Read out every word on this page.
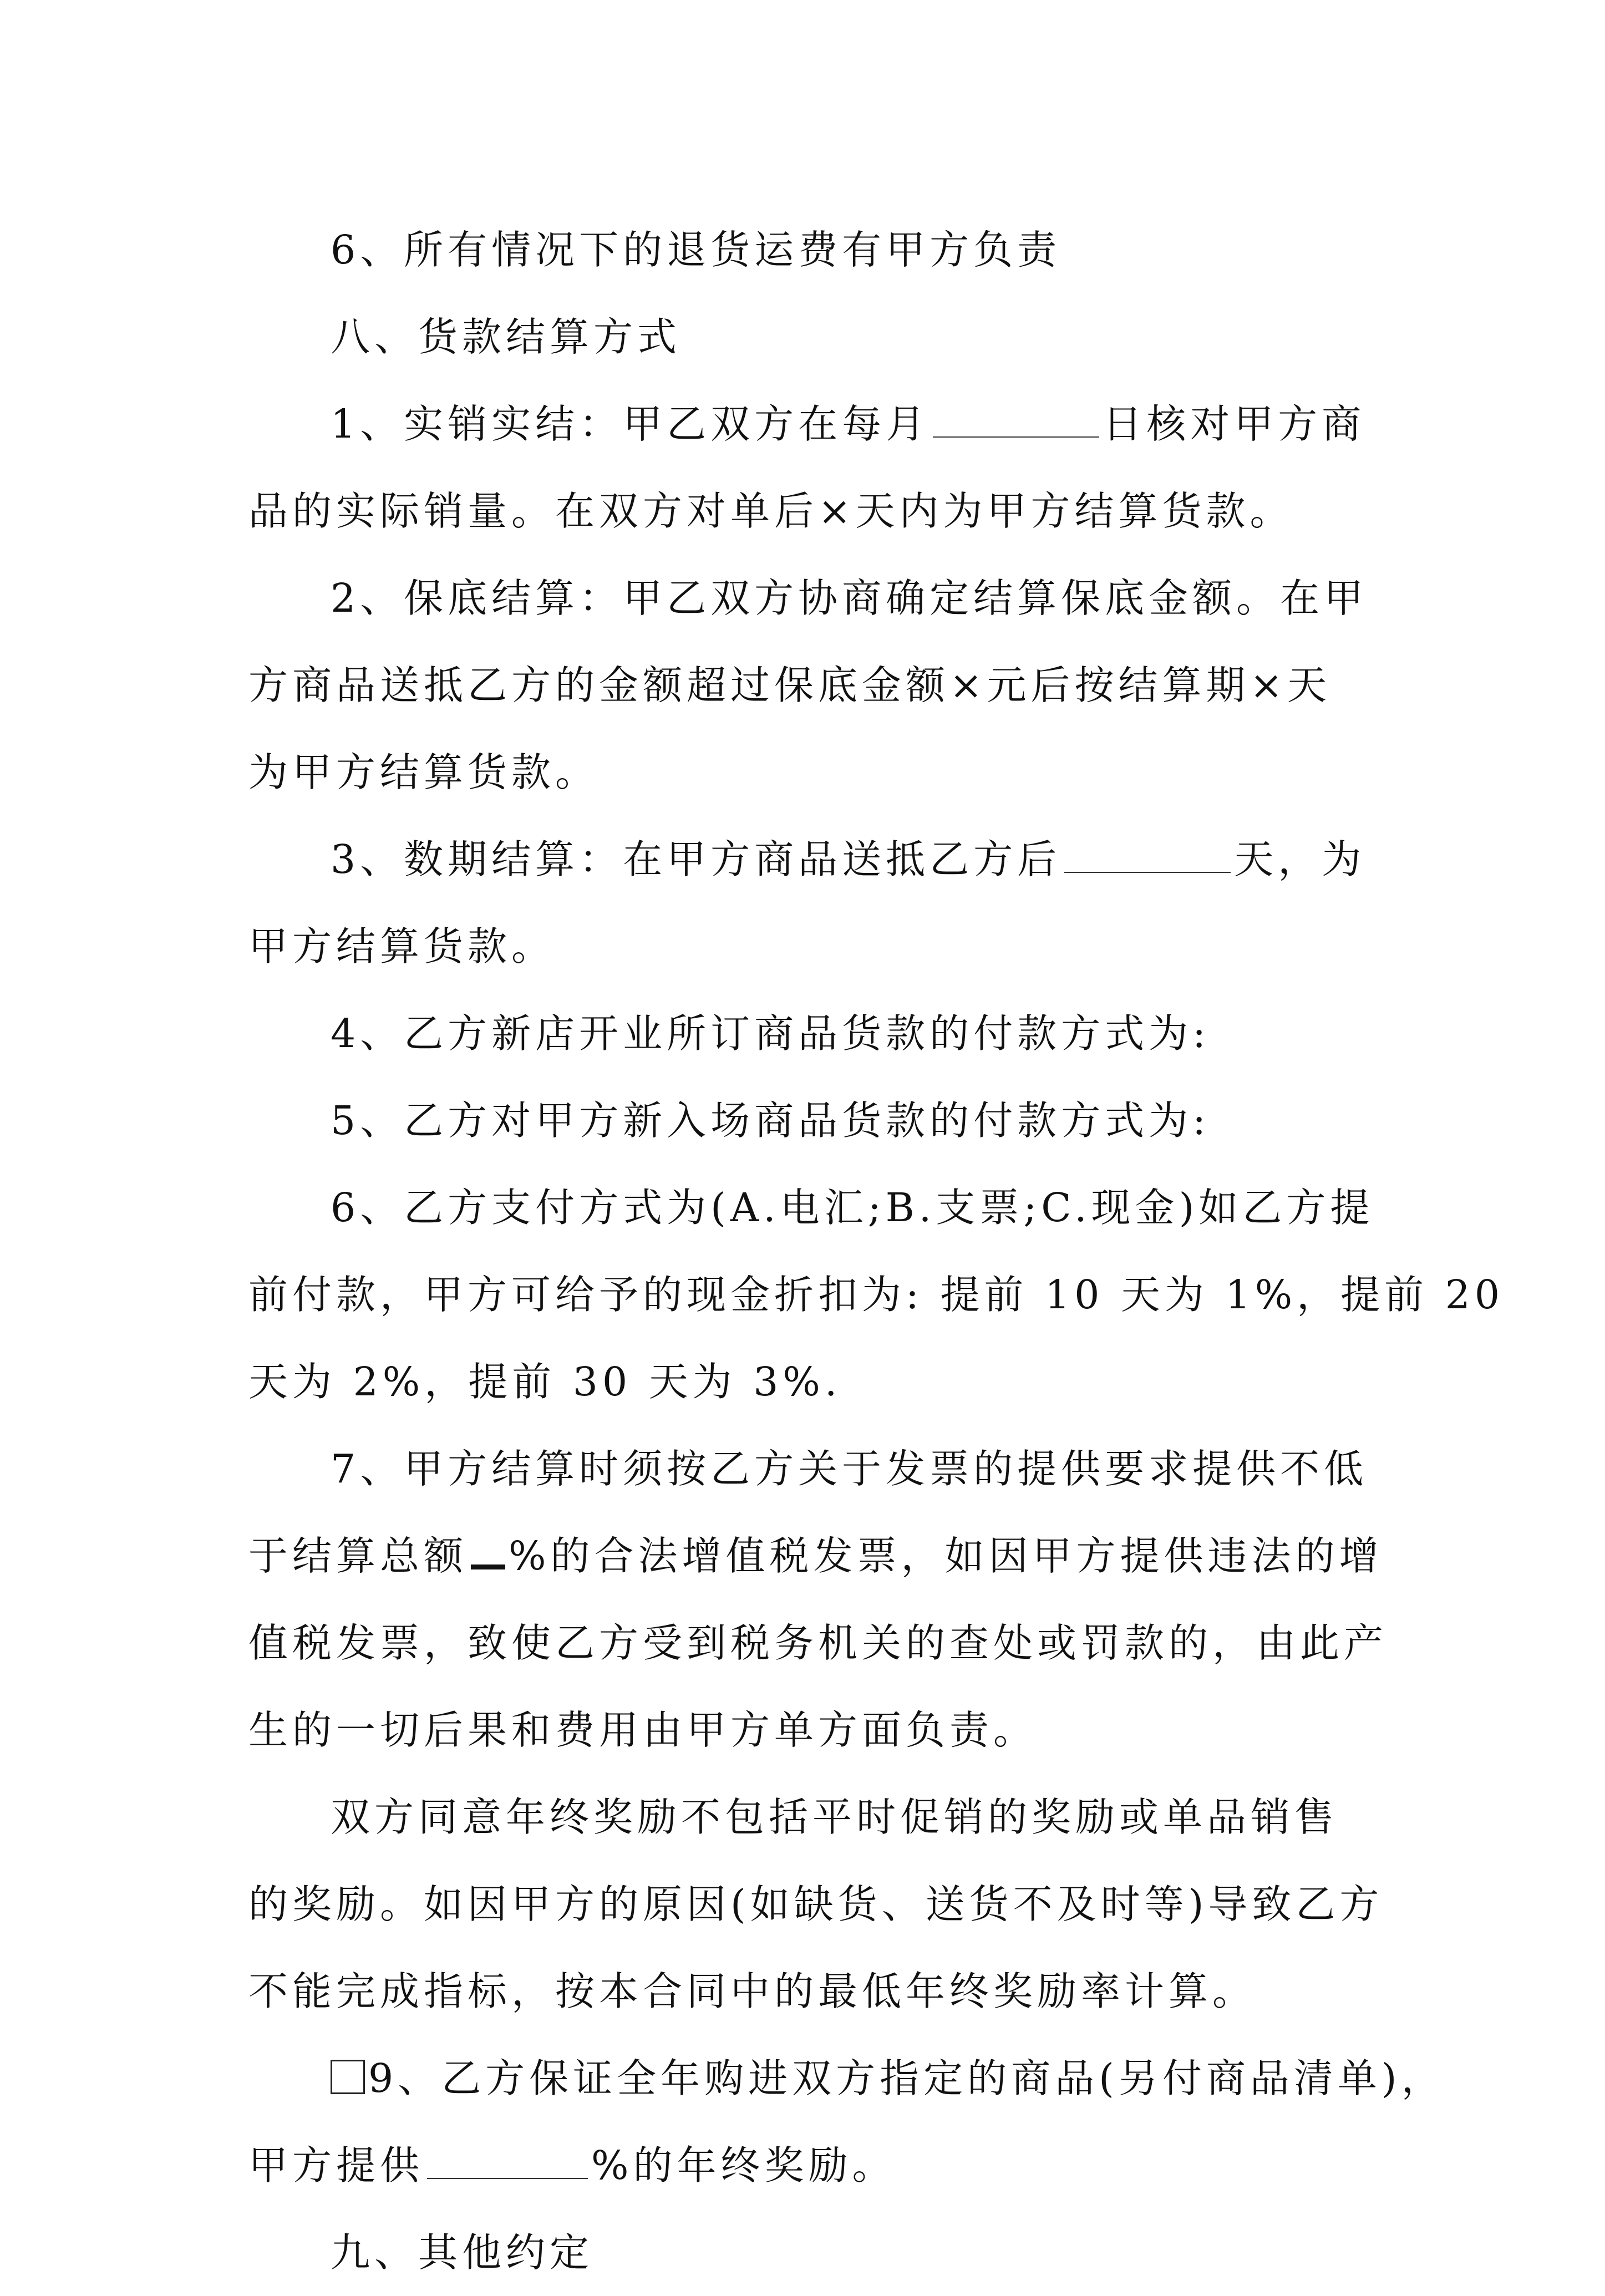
6、所有情况下的退货运费有甲方负责

八、货款结算方式

1、实销实结：甲乙双方在每月	日核对甲方商

品的实际销量。在双方对单后×天内为甲方结算货款。

2、保底结算：甲乙双方协商确定结算保底金额。在甲

方商品送抵乙方的金额超过保底金额×元后按结算期×天

为甲方结算货款。

3、数期结算：在甲方商品送抵乙方后	天，为

甲方结算货款。

4、乙方新店开业所订商品货款的付款方式为:

5、乙方对甲方新入场商品货款的付款方式为:

6、乙方支付方式为(A.电汇;B.支票;C.现金)如乙方提

前付款，甲方可给予的现金折扣为: 提前 10 天为 1%，提前 20

天为 2%，提前 30 天为 3%.

7、甲方结算时须按乙方关于发票的提供要求提供不低

于结算总额 %的合法增值税发票，如因甲方提供违法的增

值税发票，致使乙方受到税务机关的查处或罚款的，由此产

生的一切后果和费用由甲方单方面负责。

双方同意年终奖励不包括平时促销的奖励或单品销售

的奖励。如因甲方的原因(如缺货、送货不及时等)导致乙方

不能完成指标，按本合同中的最低年终奖励率计算。

9、乙方保证全年购进双方指定的商品(另付商品清单)，

甲方提供	%的年终奖励。

九、其他约定
